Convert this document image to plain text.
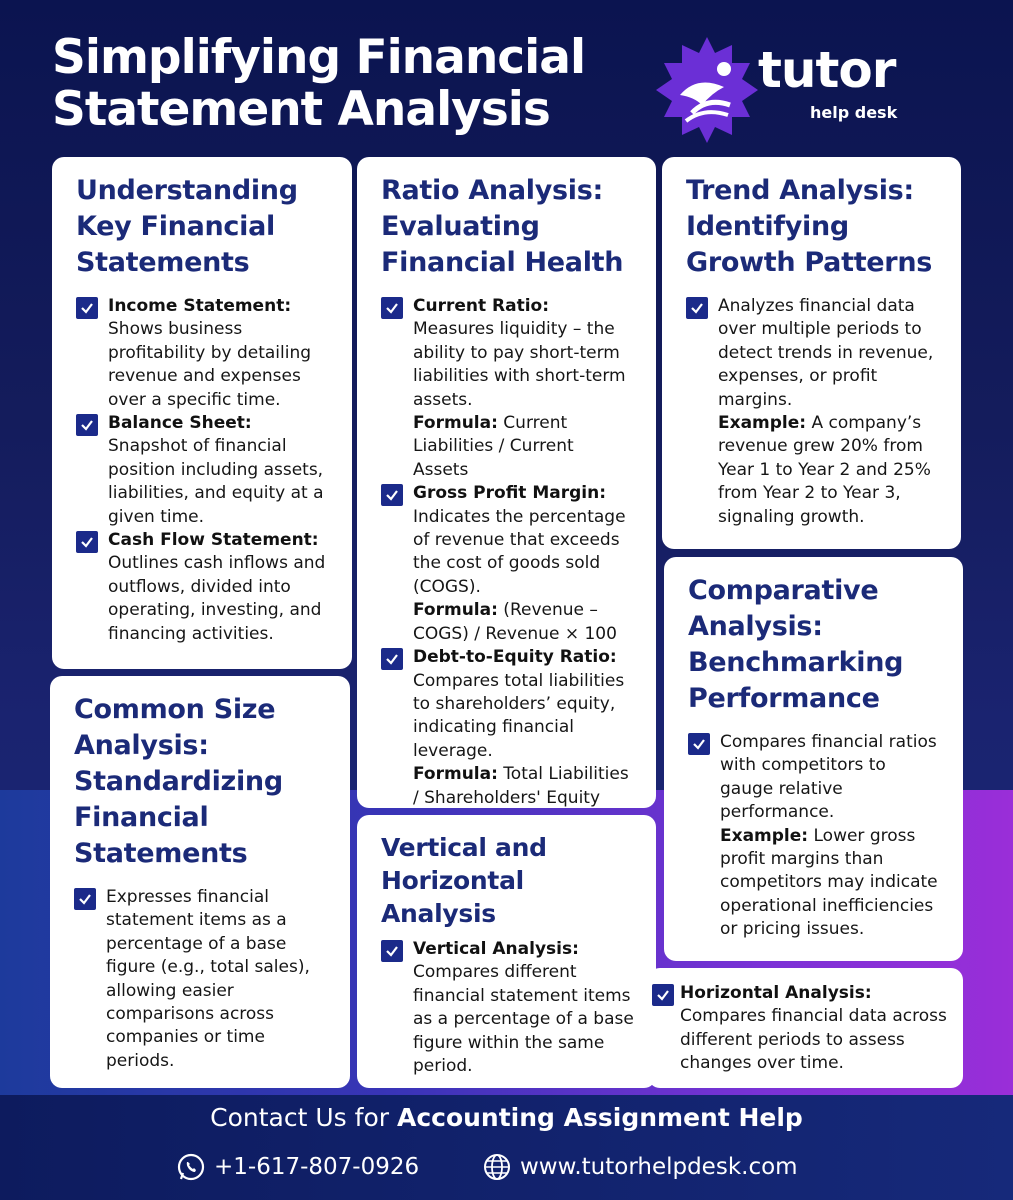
Simplifying Financial
Statement Analysis
tutor
help desk
Understanding
Key Financial
Statements
Income Statement: Shows business profitability by detailing revenue and expenses over a specific time.
Balance Sheet: Snapshot of financial position including assets, liabilities, and equity at a given time.
Cash Flow Statement: Outlines cash inflows and outflows, divided into operating, investing, and financing activities.
Ratio Analysis:
Evaluating
Financial Health
Current Ratio: Measures liquidity – the ability to pay short-term liabilities with short-term assets.
Formula: Current Liabilities / Current Assets
Gross Profit Margin: Indicates the percentage of revenue that exceeds the cost of goods sold (COGS).
Formula: (Revenue – COGS) / Revenue × 100
Debt-to-Equity Ratio: Compares total liabilities to shareholders’ equity, indicating financial leverage.
Formula: Total Liabilities / Shareholders' Equity
Trend Analysis:
Identifying
Growth Patterns
Analyzes financial data over multiple periods to detect trends in revenue, expenses, or profit margins.
Example: A company’s revenue grew 20% from Year 1 to Year 2 and 25% from Year 2 to Year 3, signaling growth.
Comparative
Analysis:
Benchmarking
Performance
Compares financial ratios with competitors to gauge relative performance.
Example: Lower gross profit margins than competitors may indicate operational inefficiencies or pricing issues.
Common Size
Analysis:
Standardizing
Financial
Statements
Expresses financial statement items as a percentage of a base figure (e.g., total sales), allowing easier comparisons across companies or time periods.
Vertical and
Horizontal
Analysis
Vertical Analysis: Compares different financial statement items as a percentage of a base figure within the same period.
Horizontal Analysis: Compares financial data across different periods to assess changes over time.
Contact Us for Accounting Assignment Help
+1-617-807-0926	www.tutorhelpdesk.com
